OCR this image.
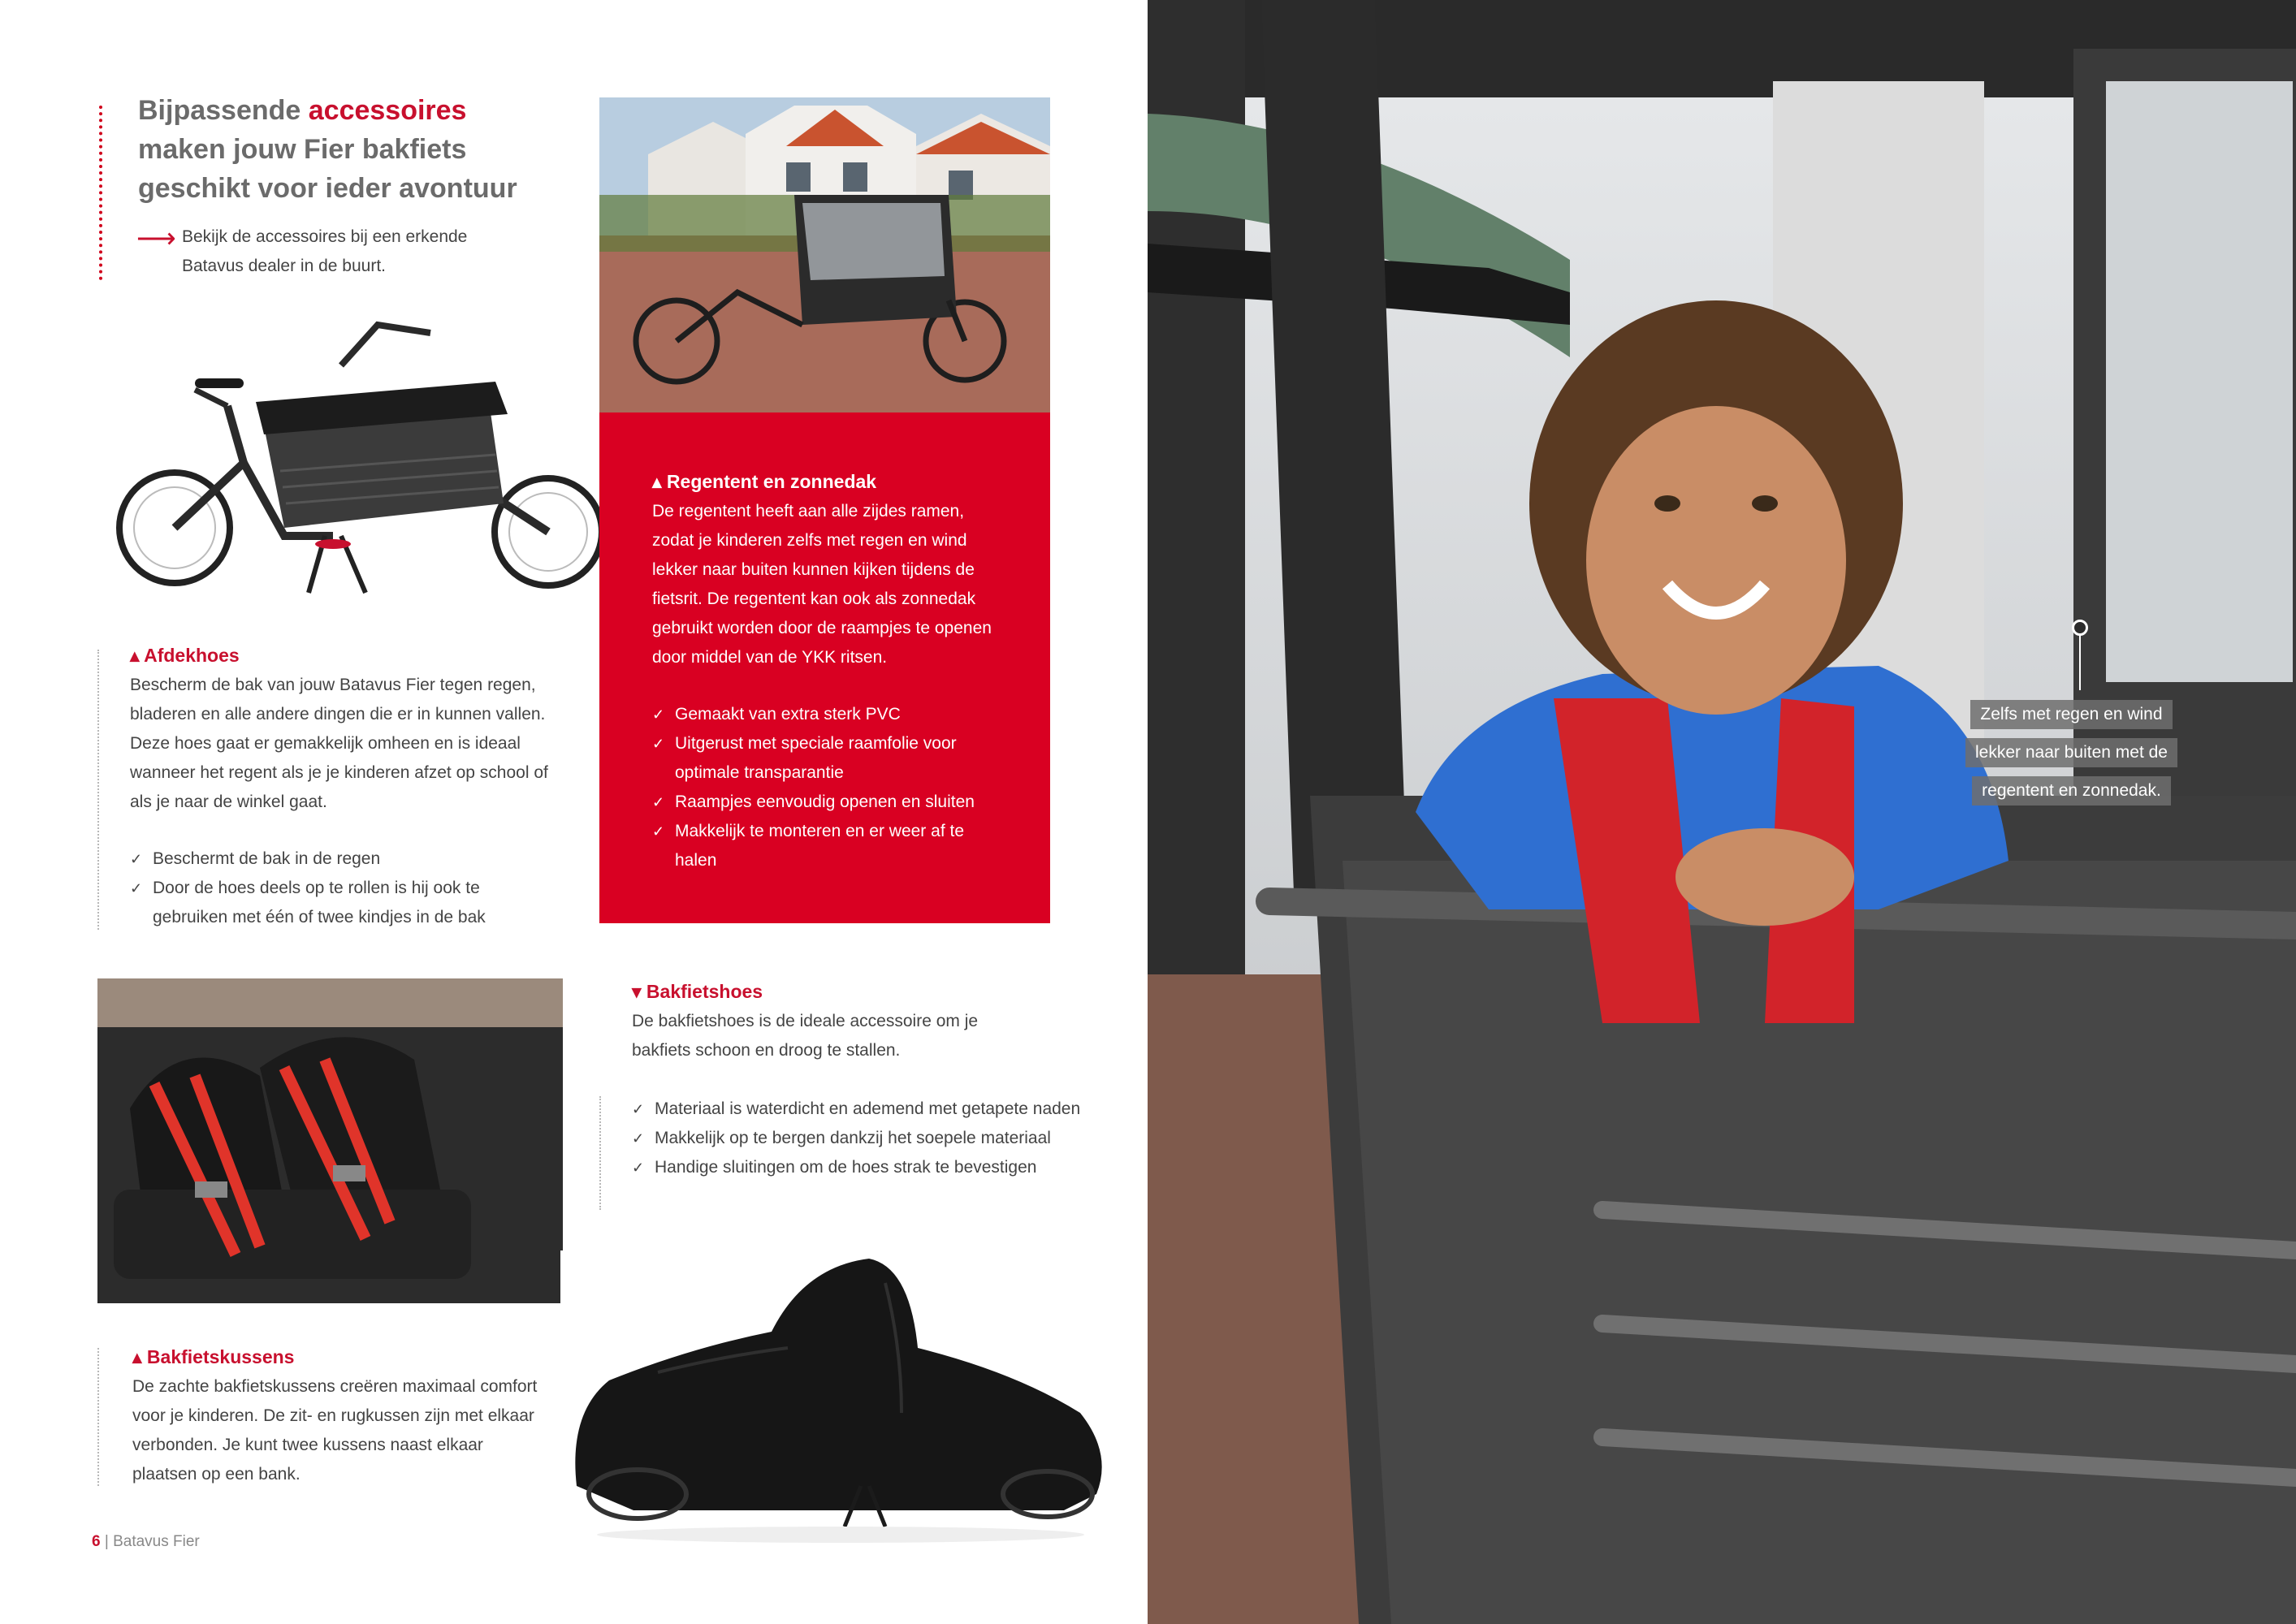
Bijpassende accessoires
maken jouw Fier bakfiets
geschikt voor ieder avontuur
⟶ Bekijk de accessoires bij een erkende Batavus dealer in de buurt.
▴ Afdekhoes

Bescherm de bak van jouw Batavus Fier tegen regen, bladeren en alle andere dingen die er in kunnen vallen. Deze hoes gaat er gemakkelijk omheen en is ideaal wanneer het regent als je je kinderen afzet op school of als je naar de winkel gaat.

✓ Beschermt de bak in de regen
✓ Door de hoes deels op te rollen is hij ook te gebruiken met één of twee kindjes in de bak
▴ Regentent en zonnedak

De regentent heeft aan alle zijdes ramen, zodat je kinderen zelfs met regen en wind lekker naar buiten kunnen kijken tijdens de fietsrit. De regentent kan ook als zonnedak gebruikt worden door de raampjes te openen door middel van de YKK ritsen.

✓ Gemaakt van extra sterk PVC
✓ Uitgerust met speciale raamfolie voor optimale transparantie
✓ Raampjes eenvoudig openen en sluiten
✓ Makkelijk te monteren en er weer af te halen
▾ Bakfietshoes

De bakfietshoes is de ideale accessoire om je bakfiets schoon en droog te stallen.

✓ Materiaal is waterdicht en ademend met getapete naden
✓ Makkelijk op te bergen dankzij het soepele materiaal
✓ Handige sluitingen om de hoes strak te bevestigen
▴ Bakfietskussens

De zachte bakfietskussens creëren maximaal comfort voor je kinderen. De zit- en rugkussen zijn met elkaar verbonden. Je kunt twee kussens naast elkaar plaatsen op een bank.

6 | Batavus Fier
Zelfs met regen en wind
lekker naar buiten met de
regentent en zonnedak.
